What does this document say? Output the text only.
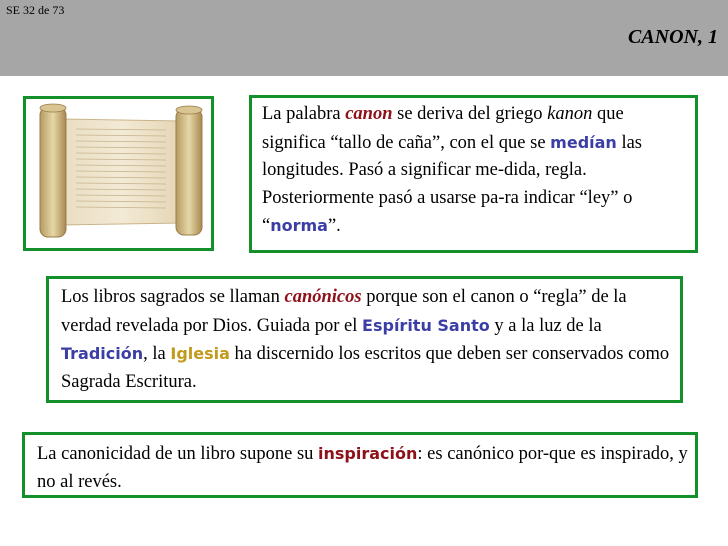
SE 32 de 73
CANON, 1
La palabra canon se deriva del griego kanon que significa “tallo de caña”, con el que se medían las longitudes. Pasó a significar me-dida, regla. Posteriormente pasó a usarse pa-ra indicar “ley” o “norma”.
Los libros sagrados se llaman canónicos porque son el canon o “regla” de la verdad revelada por Dios. Guiada por el Espíritu Santo y a la luz de la Tradición, la Iglesia ha discernido los escritos que deben ser conservados como Sagrada Escritura.
La canonicidad de un libro supone su inspiración: es canónico por-que es inspirado, y no al revés.
